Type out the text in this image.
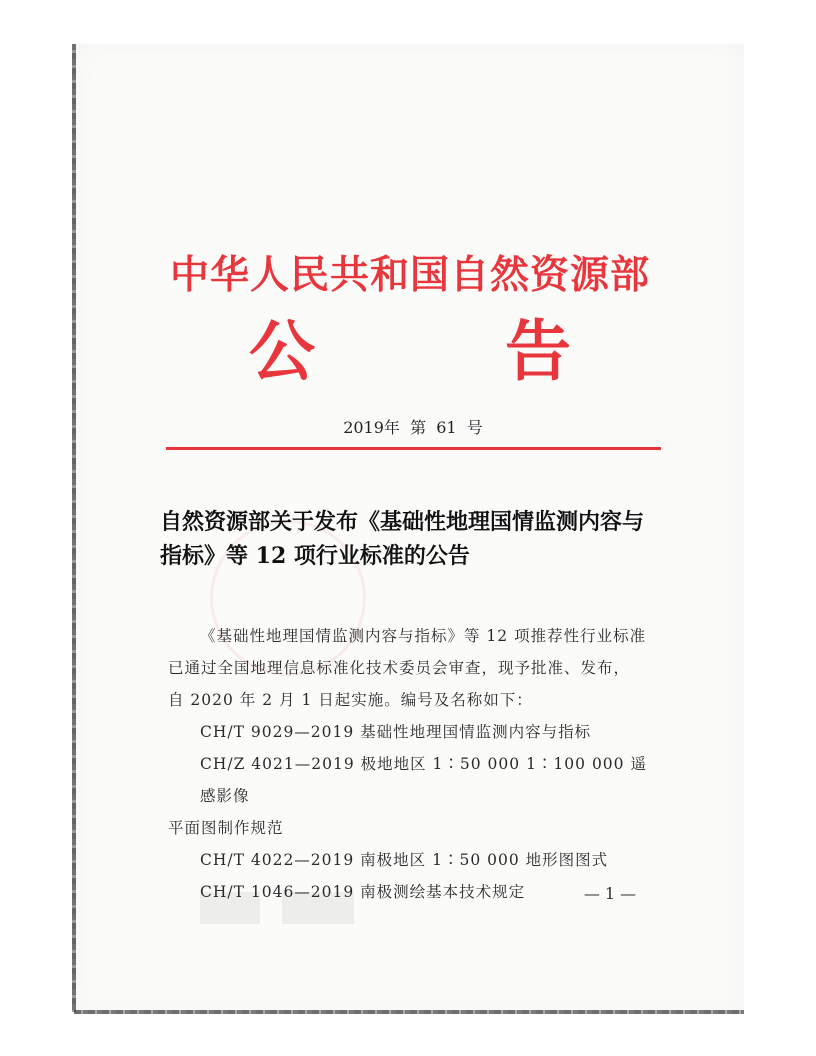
中华人民共和国自然资源部
公	告
2019年  第  61  号
自然资源部关于发布《基础性地理国情监测内容与
指标》等 12 项行业标准的公告

《基础性地理国情监测内容与指标》等 12 项推荐性行业标准

已通过全国地理信息标准化技术委员会审查，现予批准、发布，

自 2020 年 2 月 1 日起实施。编号及名称如下：

CH/T 9029—2019 基础性地理国情监测内容与指标

CH/Z 4021—2019 极地地区 1∶50 000 1∶100 000 遥感影像

平面图制作规范

CH/T 4022—2019 南极地区 1∶50 000 地形图图式

CH/T 1046—2019 南极测绘基本技术规定	— 1 —
